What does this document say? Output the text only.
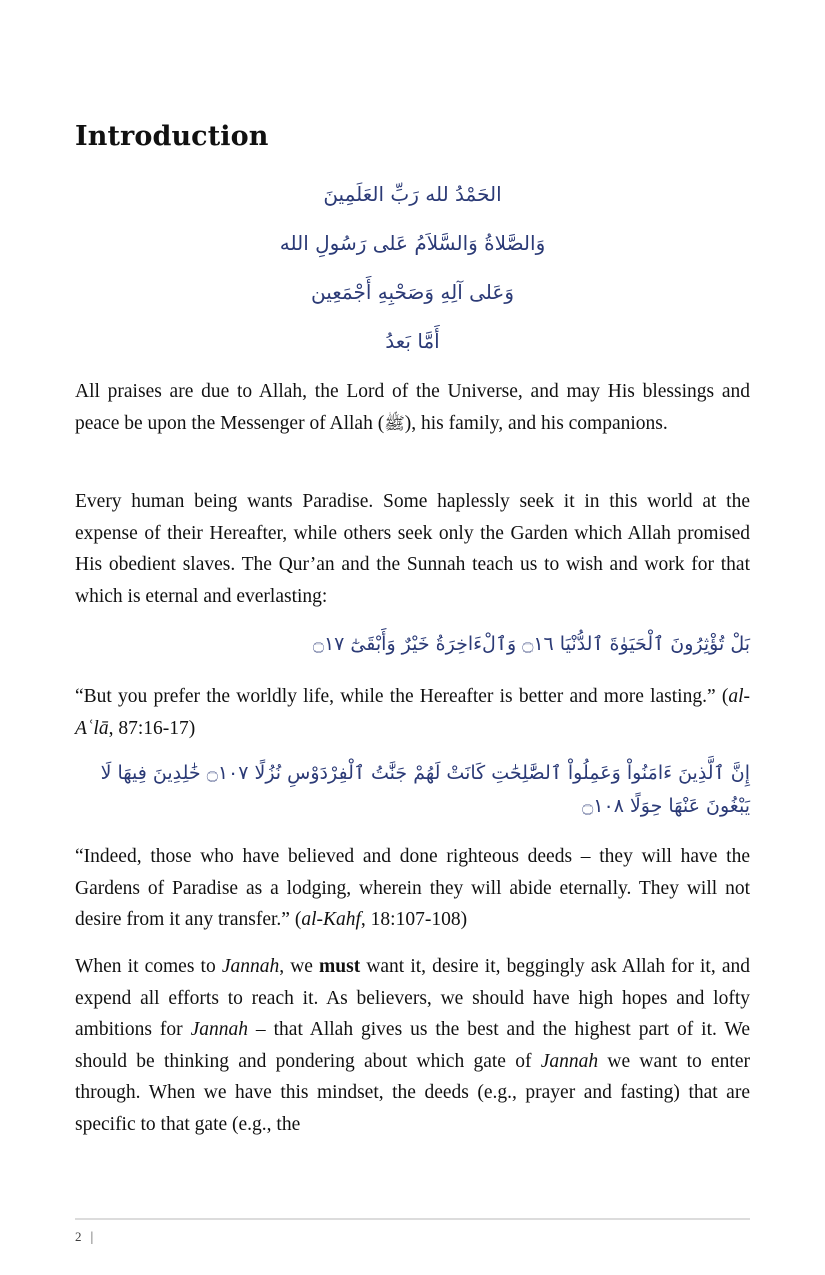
Introduction
الحَمْدُ لله رَبِّ العَلَمِينَ
وَالصَّلاةُ وَالسَّلاَمُ عَلى رَسُولِ الله
وَعَلى آلِهِ وَصَحْبِهِ أَجْمَعِين
أَمَّا بَعدُ

All praises are due to Allah, the Lord of the Universe, and may His blessings and peace be upon the Messenger of Allah (ﷺ), his family, and his companions.

Every human being wants Paradise. Some haplessly seek it in this world at the expense of their Hereafter, while others seek only the Garden which Allah promised His obedient slaves. The Qur’an and the Sunnah teach us to wish and work for that which is eternal and everlasting:

بَلْ تُؤْثِرُونَ ٱلْحَيَوٰةَ ٱلدُّنْيَا ۝١٦ وَٱلْءَاخِرَةُ خَيْرٌ وَأَبْقَىٰٓ ۝١٧

“But you prefer the worldly life, while the Hereafter is better and more lasting.” (al-Aʿlā, 87:16-17)

إِنَّ ٱلَّذِينَ ءَامَنُواْ وَعَمِلُواْ ٱلصَّٰلِحَٰتِ كَانَتْ لَهُمْ جَنَّٰتُ ٱلْفِرْدَوْسِ نُزُلًا ۝١٠٧ خَٰلِدِينَ فِيهَا لَا يَبْغُونَ عَنْهَا حِوَلًا ۝١٠٨

“Indeed, those who have believed and done righteous deeds – they will have the Gardens of Paradise as a lodging, wherein they will abide eternally. They will not desire from it any transfer.” (al-Kahf, 18:107-108)

When it comes to Jannah, we must want it, desire it, beggingly ask Allah for it, and expend all efforts to reach it. As believers, we should have high hopes and lofty ambitions for Jannah – that Allah gives us the best and the highest part of it. We should be thinking and pondering about which gate of Jannah we want to enter through. When we have this mindset, the deeds (e.g., prayer and fasting) that are specific to that gate (e.g., the

2 |
